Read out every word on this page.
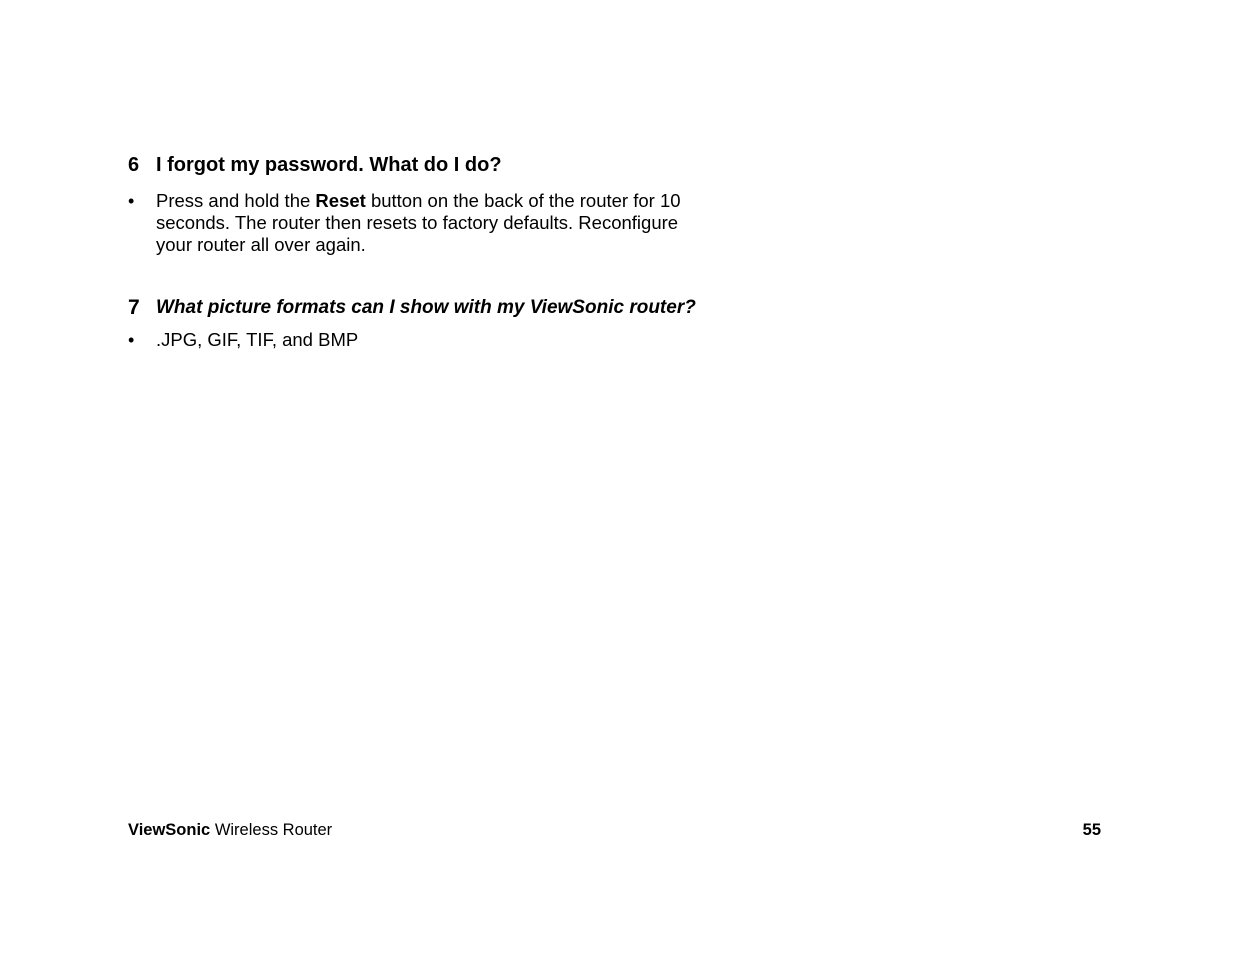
6 I forgot my password. What do I do?
•	Press and hold the Reset button on the back of the router for 10 seconds. The router then resets to factory defaults. Reconfigure your router all over again.
7 What picture formats can I show with my ViewSonic router?
•	.JPG, GIF, TIF, and BMP
ViewSonic Wireless Router	55
